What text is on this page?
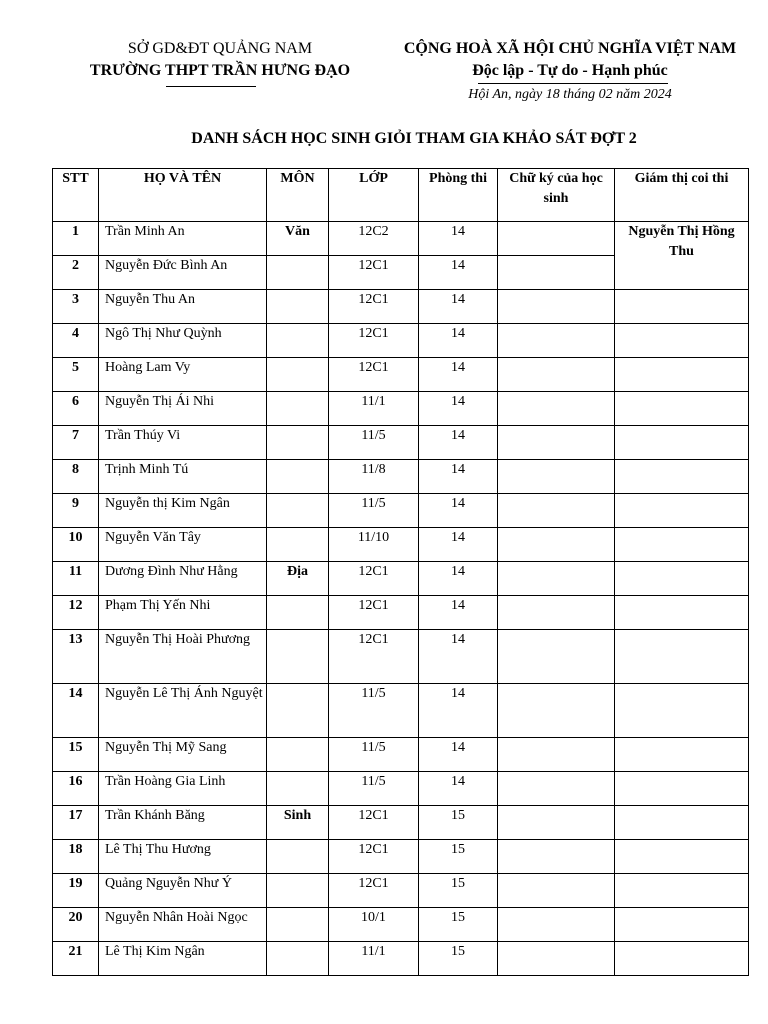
SỞ GD&ĐT QUẢNG NAM
TRƯỜNG THPT TRẦN HƯNG ĐẠO
CỘNG HOÀ XÃ HỘI CHỦ NGHĨA VIỆT NAM
Độc lập - Tự do - Hạnh phúc
Hội An, ngày 18 tháng 02 năm 2024
DANH SÁCH HỌC SINH GIỎI THAM GIA KHẢO SÁT ĐỢT 2
STT	HỌ VÀ TÊN	MÔN	LỚP	Phòng thi	Chữ ký của học sinh	Giám thị coi thi
1	Trần Minh An	Văn	12C2	14		Nguyễn Thị Hồng Thu
2	Nguyễn Đức Bình An		12C1	14		
3	Nguyễn Thu An		12C1	14		
4	Ngô Thị Như Quỳnh		12C1	14		
5	Hoàng Lam Vy		12C1	14		
6	Nguyễn Thị Ái Nhi		11/1	14		
7	Trần Thúy Vi		11/5	14		
8	Trịnh Minh Tú		11/8	14		
9	Nguyễn thị Kim Ngân		11/5	14		
10	Nguyễn Văn Tây		11/10	14		
11	Dương Đình Như Hằng	Địa	12C1	14		
12	Phạm Thị Yến Nhi		12C1	14		
13	Nguyễn Thị Hoài Phương		12C1	14		
14	Nguyễn Lê Thị Ánh Nguyệt		11/5	14		
15	Nguyễn Thị Mỹ Sang		11/5	14		
16	Trần Hoàng Gia Linh		11/5	14		
17	Trần Khánh Băng	Sinh	12C1	15		
18	Lê Thị Thu Hương		12C1	15		
19	Quảng Nguyễn Như Ý		12C1	15		
20	Nguyễn Nhân Hoài Ngọc		10/1	15		
21	Lê Thị Kim Ngân		11/1	15		
